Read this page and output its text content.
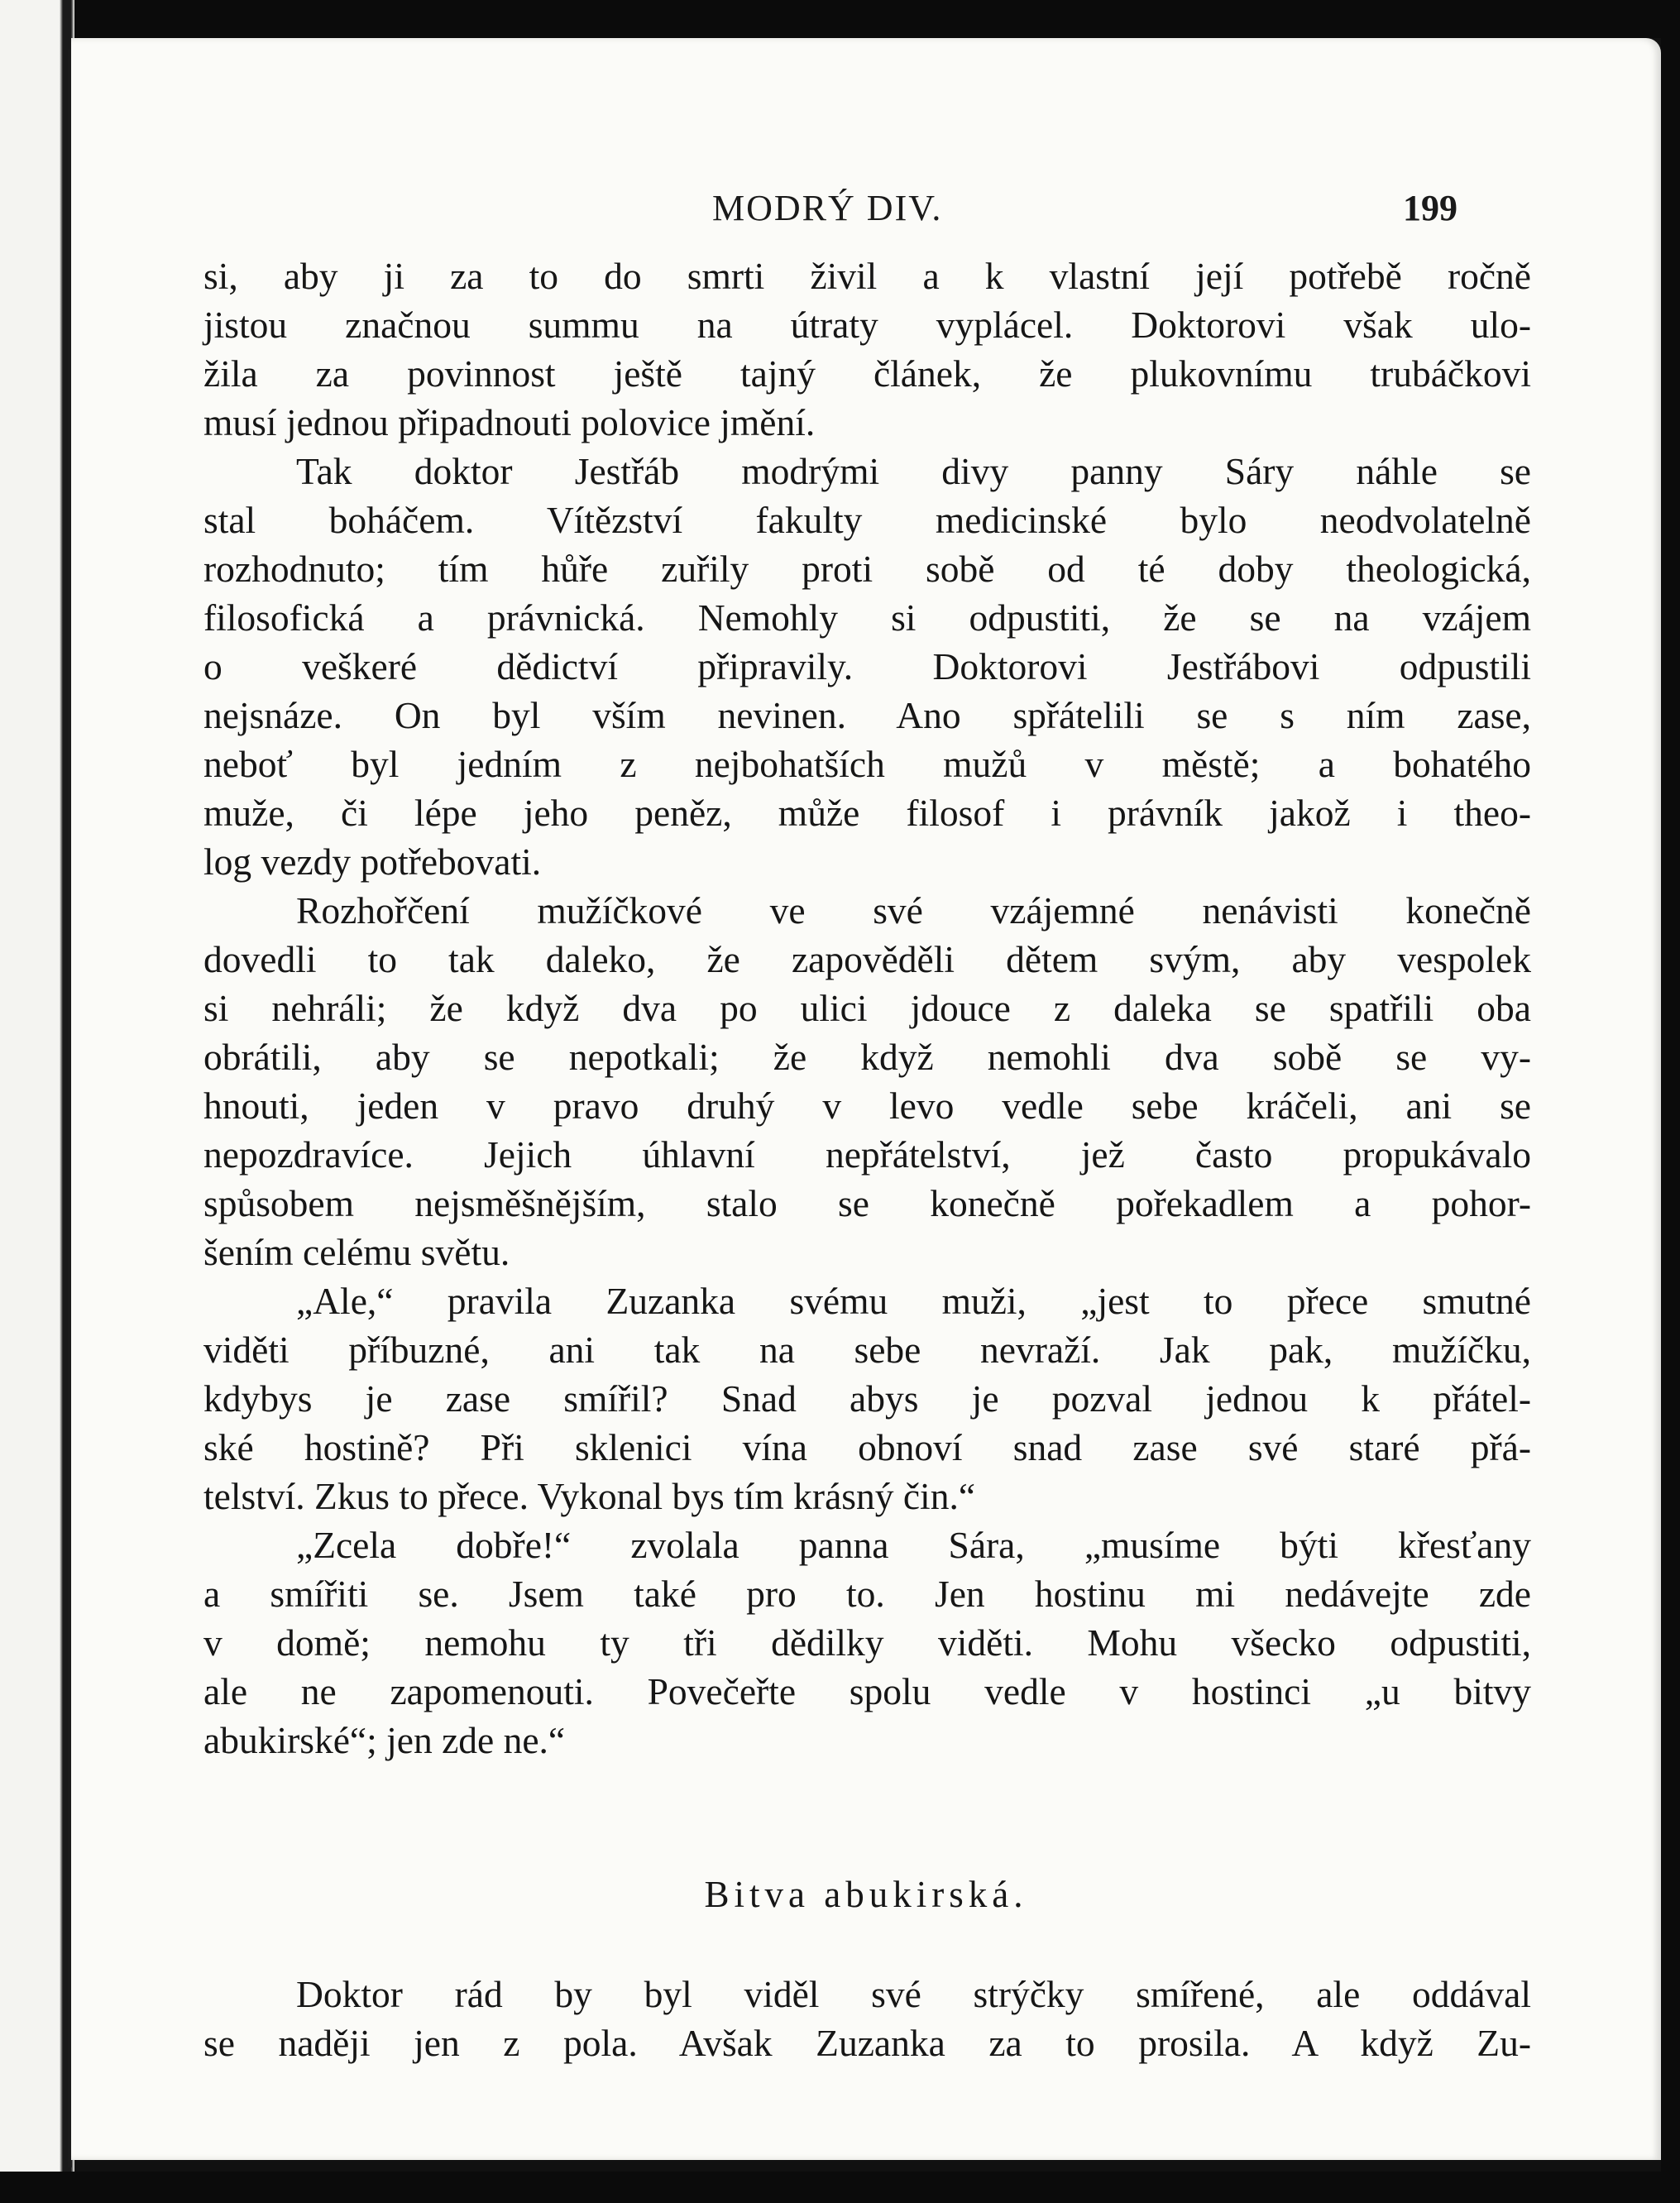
MODRÝ DIV.	199
si, aby ji za to do smrti živil a k vlastní její potřebě ročně
jistou značnou summu na útraty vyplácel. Doktorovi však ulo-
žila za povinnost ještě tajný článek, že plukovnímu trubáčkovi
musí jednou připadnouti polovice jmění.
Tak doktor Jestřáb modrými divy panny Sáry náhle se
stal boháčem. Vítězství fakulty medicinské bylo neodvolatelně
rozhodnuto; tím hůře zuřily proti sobě od té doby theologická,
filosofická a právnická. Nemohly si odpustiti, že se na vzájem
o veškeré dědictví připravily. Doktorovi Jestřábovi odpustili
nejsnáze. On byl vším nevinen. Ano spřátelili se s ním zase,
neboť byl jedním z nejbohatších mužů v městě; a bohatého
muže, či lépe jeho peněz, může filosof i právník jakož i theo-
log vezdy potřebovati.
Rozhořčení mužíčkové ve své vzájemné nenávisti konečně
dovedli to tak daleko, že zapověděli dětem svým, aby vespolek
si nehráli; že když dva po ulici jdouce z daleka se spatřili oba
obrátili, aby se nepotkali; že když nemohli dva sobě se vy-
hnouti, jeden v pravo druhý v levo vedle sebe kráčeli, ani se
nepozdravíce. Jejich úhlavní nepřátelství, jež často propukávalo
spůsobem nejsměšnějším, stalo se konečně pořekadlem a pohor-
šením celému světu.
„Ale,“ pravila Zuzanka svému muži, „jest to přece smutné
viděti příbuzné, ani tak na sebe nevraží. Jak pak, mužíčku,
kdybys je zase smířil? Snad abys je pozval jednou k přátel-
ské hostině? Při sklenici vína obnoví snad zase své staré přá-
telství. Zkus to přece. Vykonal bys tím krásný čin.“
„Zcela dobře!“ zvolala panna Sára, „musíme býti křesťany
a smířiti se. Jsem také pro to. Jen hostinu mi nedávejte zde
v domě; nemohu ty tři dědilky viděti. Mohu všecko odpustiti,
ale ne zapomenouti. Povečeřte spolu vedle v hostinci „u bitvy
abukirské“; jen zde ne.“
Bitva abukirská.
Doktor rád by byl viděl své strýčky smířené, ale oddával
se naději jen z pola. Avšak Zuzanka za to prosila. A když Zu-
